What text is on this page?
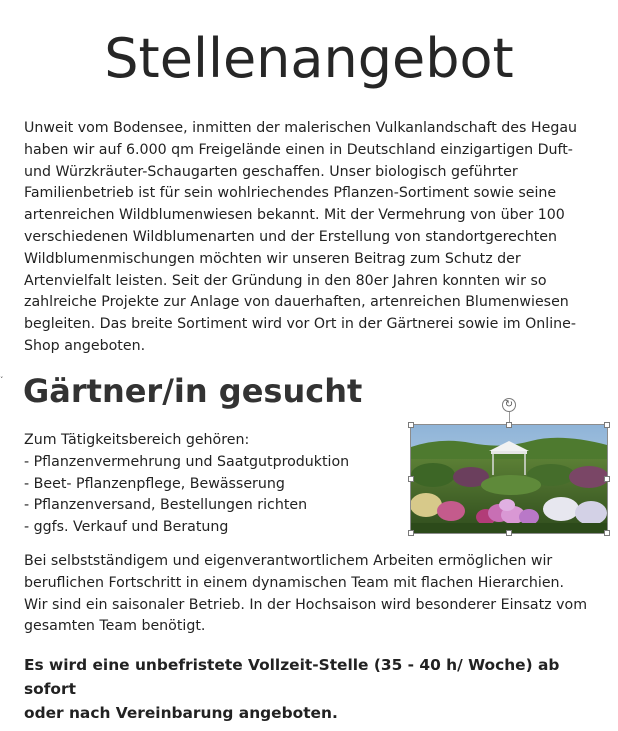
Stellenangebot
Unweit vom Bodensee, inmitten der malerischen Vulkanlandschaft des Hegau
haben wir auf 6.000 qm Freigelände einen in Deutschland einzigartigen Duft-
und Würzkräuter-Schaugarten geschaffen. Unser biologisch geführter
Familienbetrieb ist für sein wohlriechendes Pflanzen-Sortiment sowie seine
artenreichen Wildblumenwiesen bekannt. Mit der Vermehrung von über 100
verschiedenen Wildblumenarten und der Erstellung von standortgerechten
Wildblumenmischungen möchten wir unseren Beitrag zum Schutz der
Artenvielfalt leisten. Seit der Gründung in den 80er Jahren konnten wir so
zahlreiche Projekte zur Anlage von dauerhaften, artenreichen Blumenwiesen
begleiten. Das breite Sortiment wird vor Ort in der Gärtnerei sowie im Online-
Shop angeboten.
˯ Gärtner/in gesucht
Zum Tätigkeitsbereich gehören:
- Pflanzenvermehrung und Saatgutproduktion
- Beet- Pflanzenpflege, Bewässerung
- Pflanzenversand, Bestellungen richten
- ggfs. Verkauf und Beratung
↻
Bei selbstständigem und eigenverantwortlichem Arbeiten ermöglichen wir
beruflichen Fortschritt in einem dynamischen Team mit flachen Hierarchien.
Wir sind ein saisonaler Betrieb. In der Hochsaison wird besonderer Einsatz vom
gesamten Team benötigt.
Es wird eine unbefristete Vollzeit-Stelle (35 - 40 h/ Woche) ab sofort
oder nach Vereinbarung angeboten.
